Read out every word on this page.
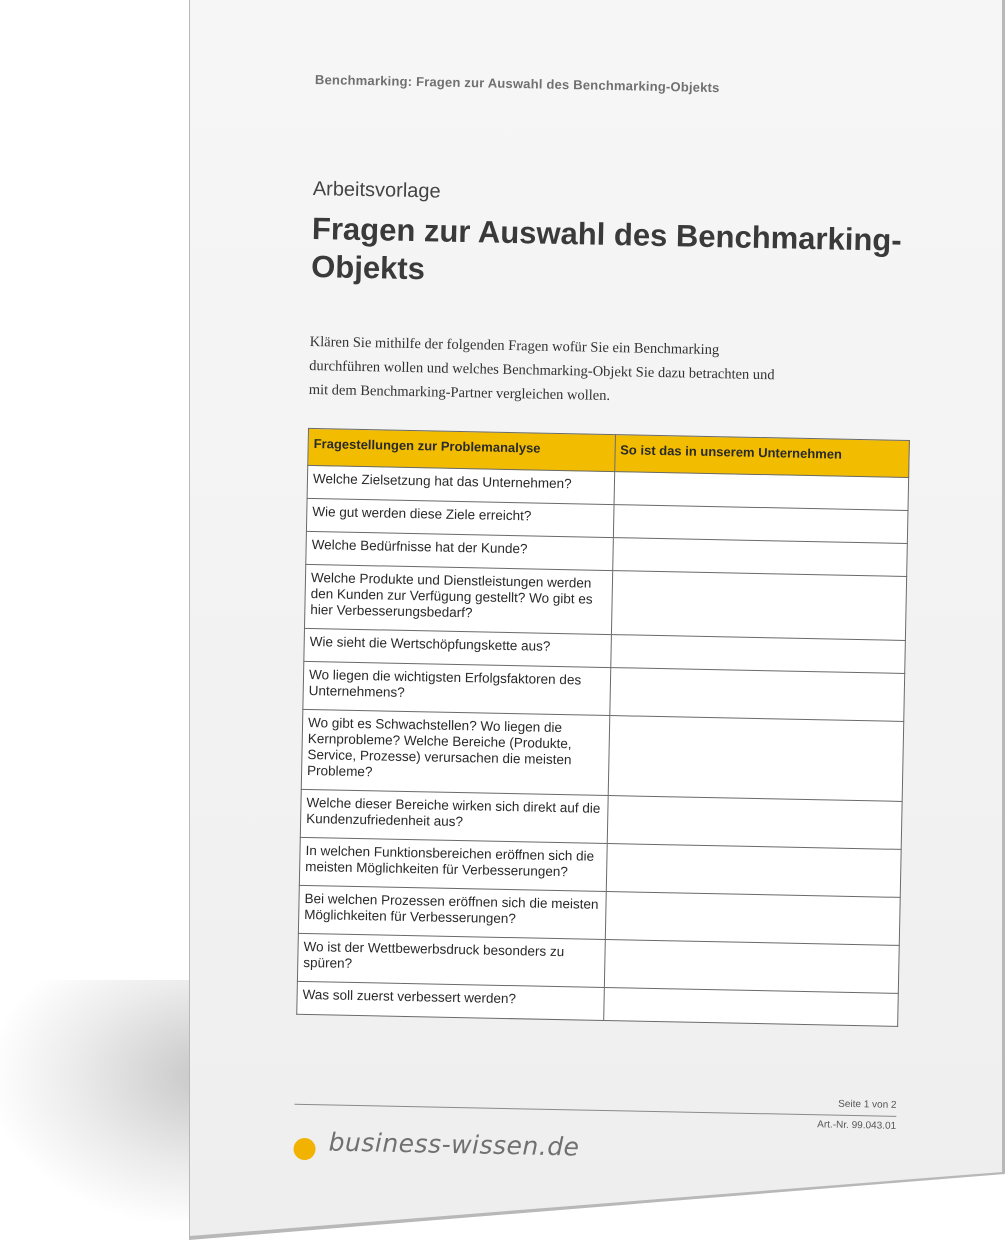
Benchmarking: Fragen zur Auswahl des Benchmarking-Objekts
Arbeitsvorlage
Fragen zur Auswahl des Benchmarking-Objekts
Klären Sie mithilfe der folgenden Fragen wofür Sie ein Benchmarking durchführen wollen und welches Benchmarking-Objekt Sie dazu betrachten und mit dem Benchmarking-Partner vergleichen wollen.
Fragestellungen zur Problemanalyse	So ist das in unserem Unternehmen
Welche Zielsetzung hat das Unternehmen?	
Wie gut werden diese Ziele erreicht?	
Welche Bedürfnisse hat der Kunde?	
Welche Produkte und Dienstleistungen werden den Kunden zur Verfügung gestellt? Wo gibt es hier Verbesserungsbedarf?	
Wie sieht die Wertschöpfungskette aus?	
Wo liegen die wichtigsten Erfolgsfaktoren des Unternehmens?	
Wo gibt es Schwachstellen? Wo liegen die Kernprobleme? Welche Bereiche (Produkte, Service, Prozesse) verursachen die meisten Probleme?	
Welche dieser Bereiche wirken sich direkt auf die Kundenzufriedenheit aus?	
In welchen Funktionsbereichen eröffnen sich die meisten Möglichkeiten für Verbesserungen?	
Bei welchen Prozessen eröffnen sich die meisten Möglichkeiten für Verbesserungen?	
Wo ist der Wettbewerbsdruck besonders zu spüren?	
Was soll zuerst verbessert werden?	
Seite 1 von 2
Art.-Nr. 99.043.01
business-wissen.de
